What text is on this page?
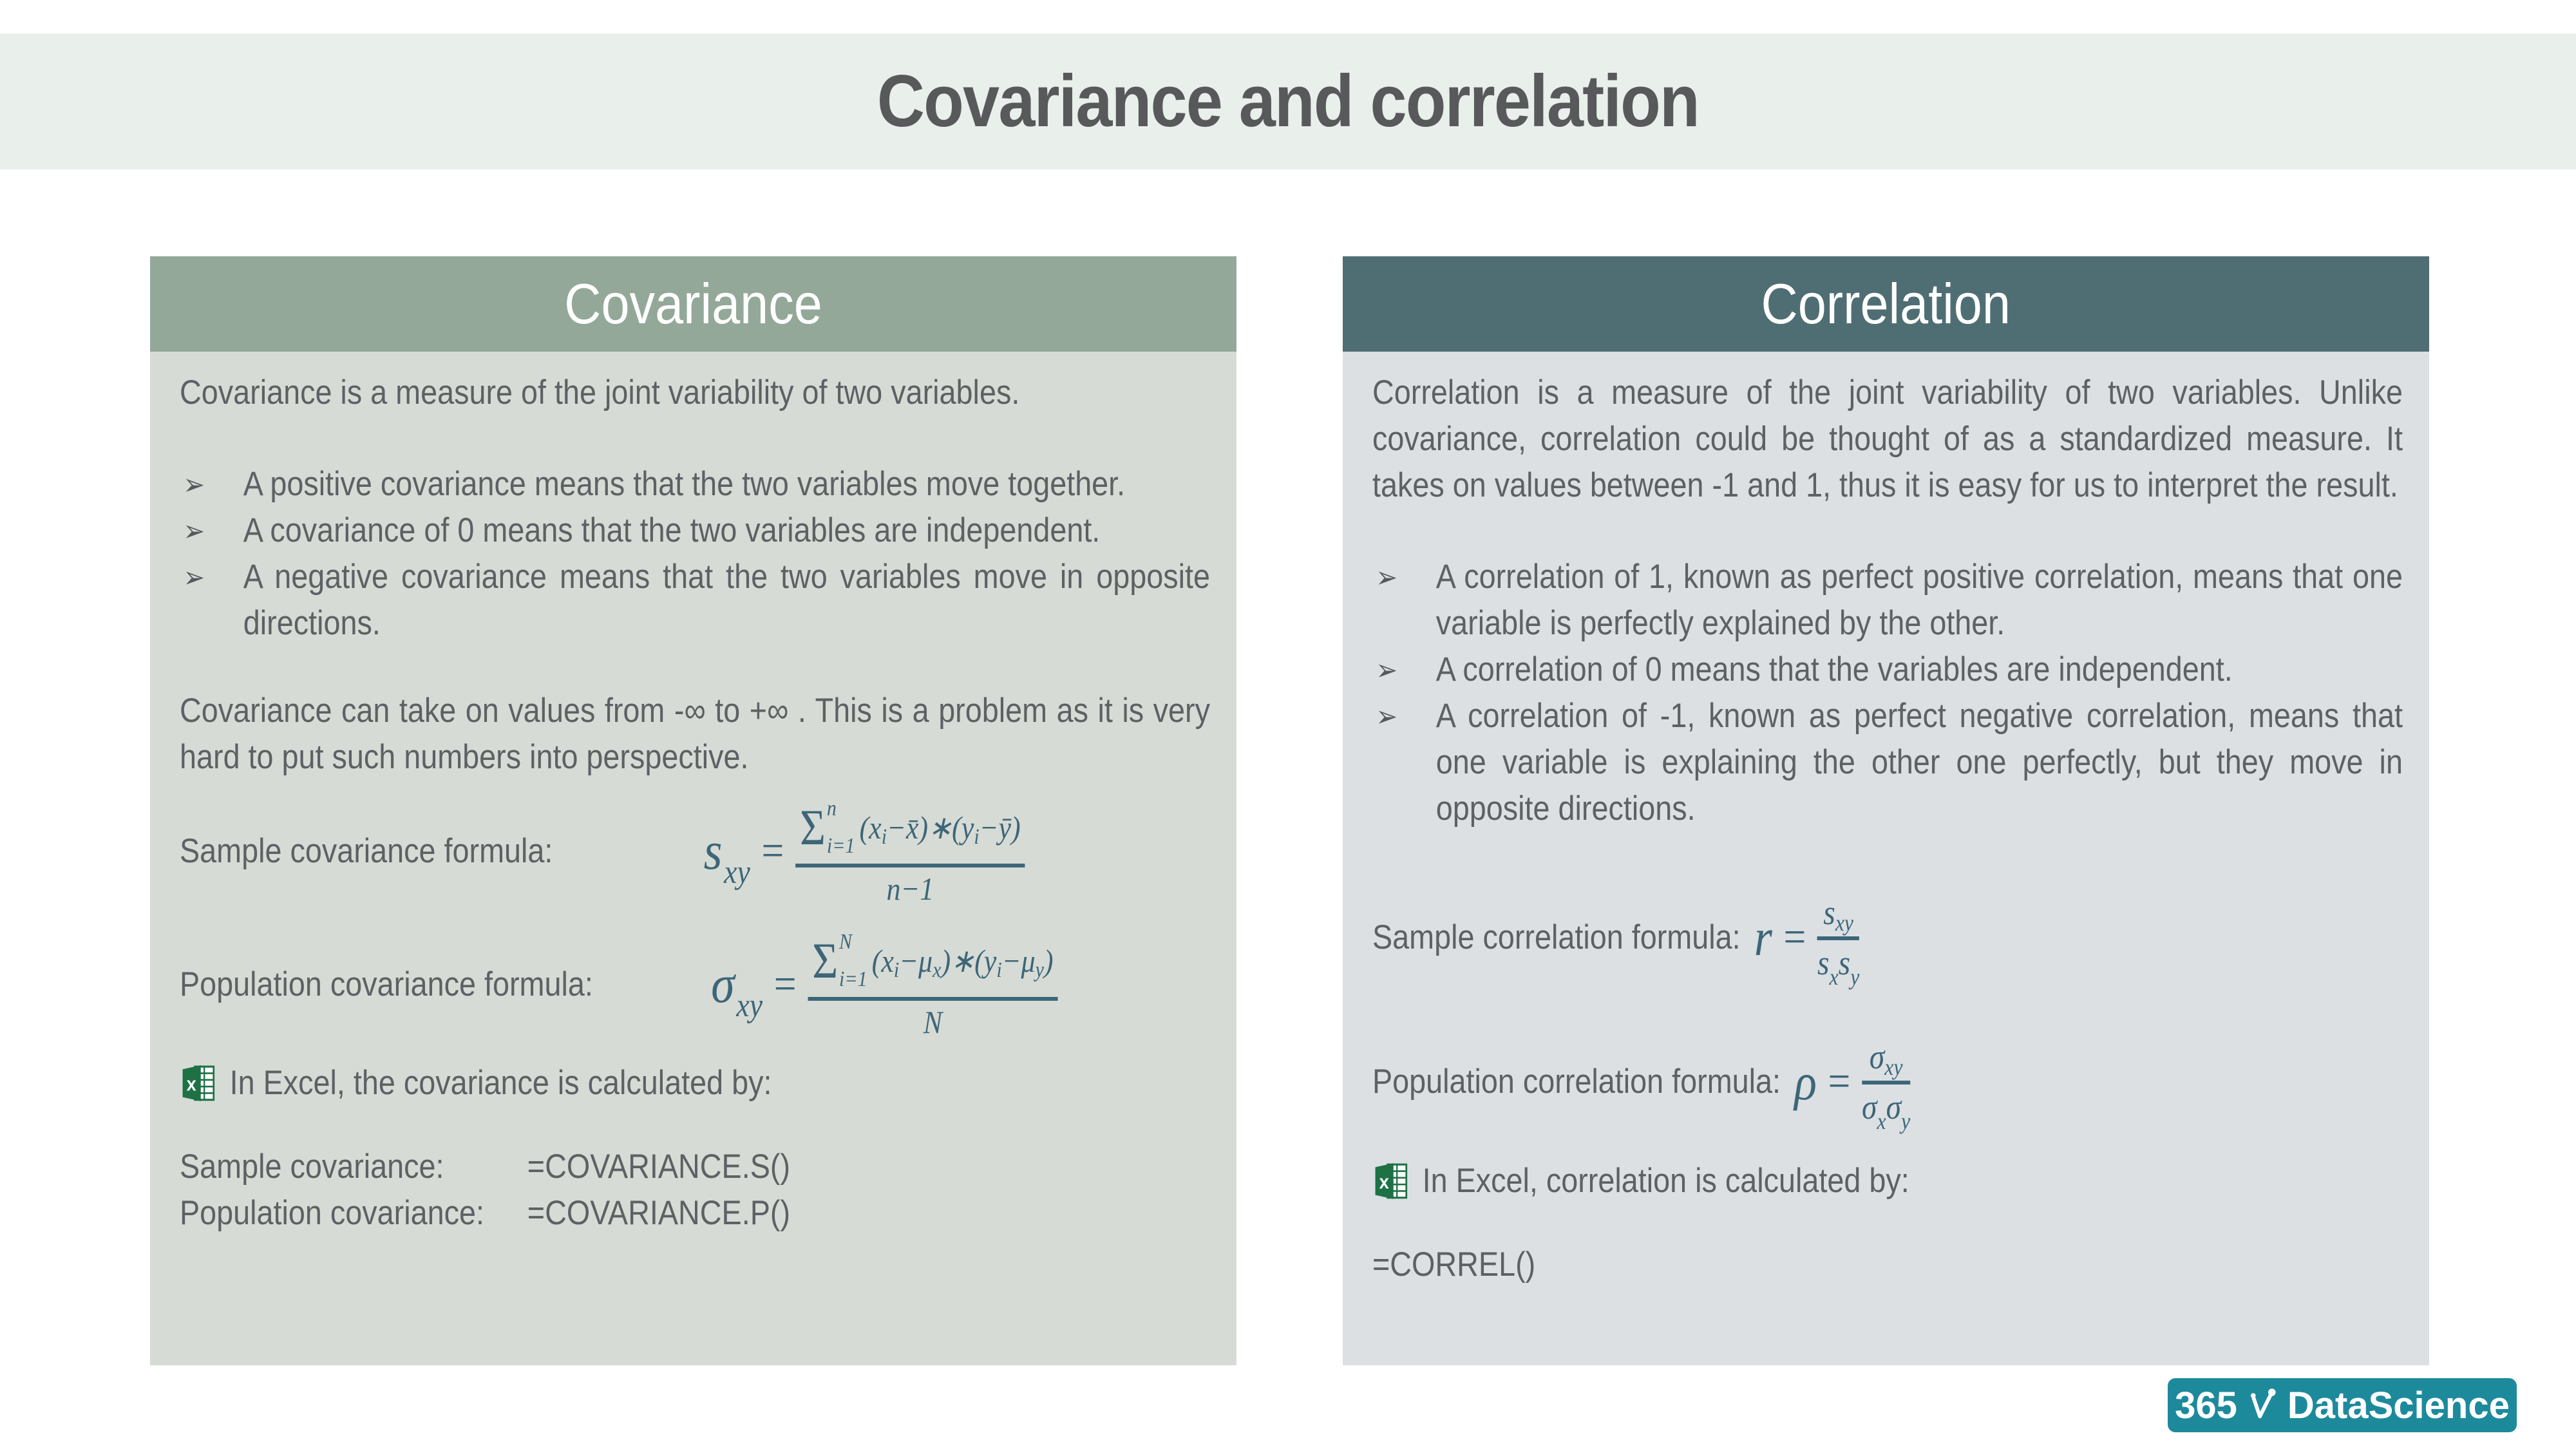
Covariance and correlation
Covariance

Covariance is a measure of the joint variability of two variables.

➢ A positive covariance means that the two variables move together.
➢ A covariance of 0 means that the two variables are independent.
➢ A negative covariance means that the two variables move in opposite directions.

Covariance can take on values from -∞ to +∞ . This is a problem as it is very hard to put such numbers into perspective.

Sample covariance formula:	$s_{xy} = \Sigma$ n
i=1
(x i −x̄)∗(y i −ȳ)
n−1
Population covariance formula: $\sigma_{xy} = \Sigma$ N
i=1
(x i −μ x )∗(y i −μ y )
N
x In Excel, the covariance is calculated by:
Sample covariance:	=COVARIANCE.S()
Population covariance:	=COVARIANCE.P()
Correlation

Correlation is a measure of the joint variability of two variables. Unlike covariance, correlation could be thought of as a standardized measure. It takes on values between -1 and 1, thus it is easy for us to interpret the result.

➢ A correlation of 1, known as perfect positive correlation, means that one variable is perfectly explained by the other.
➢ A correlation of 0 means that the variables are independent.
➢ A correlation of -1, known as perfect negative correlation, means that one variable is explaining the other one perfectly, but they move in opposite directions.
Sample correlation formula: $r = \frac{\text{s xy}}{s_xs_y}$
Population correlation formula: $\rho = \frac{\text{σ xy}}{\sigma_x\sigma_y}$
x In Excel, correlation is calculated by:

=CORREL()

365 DataScience
